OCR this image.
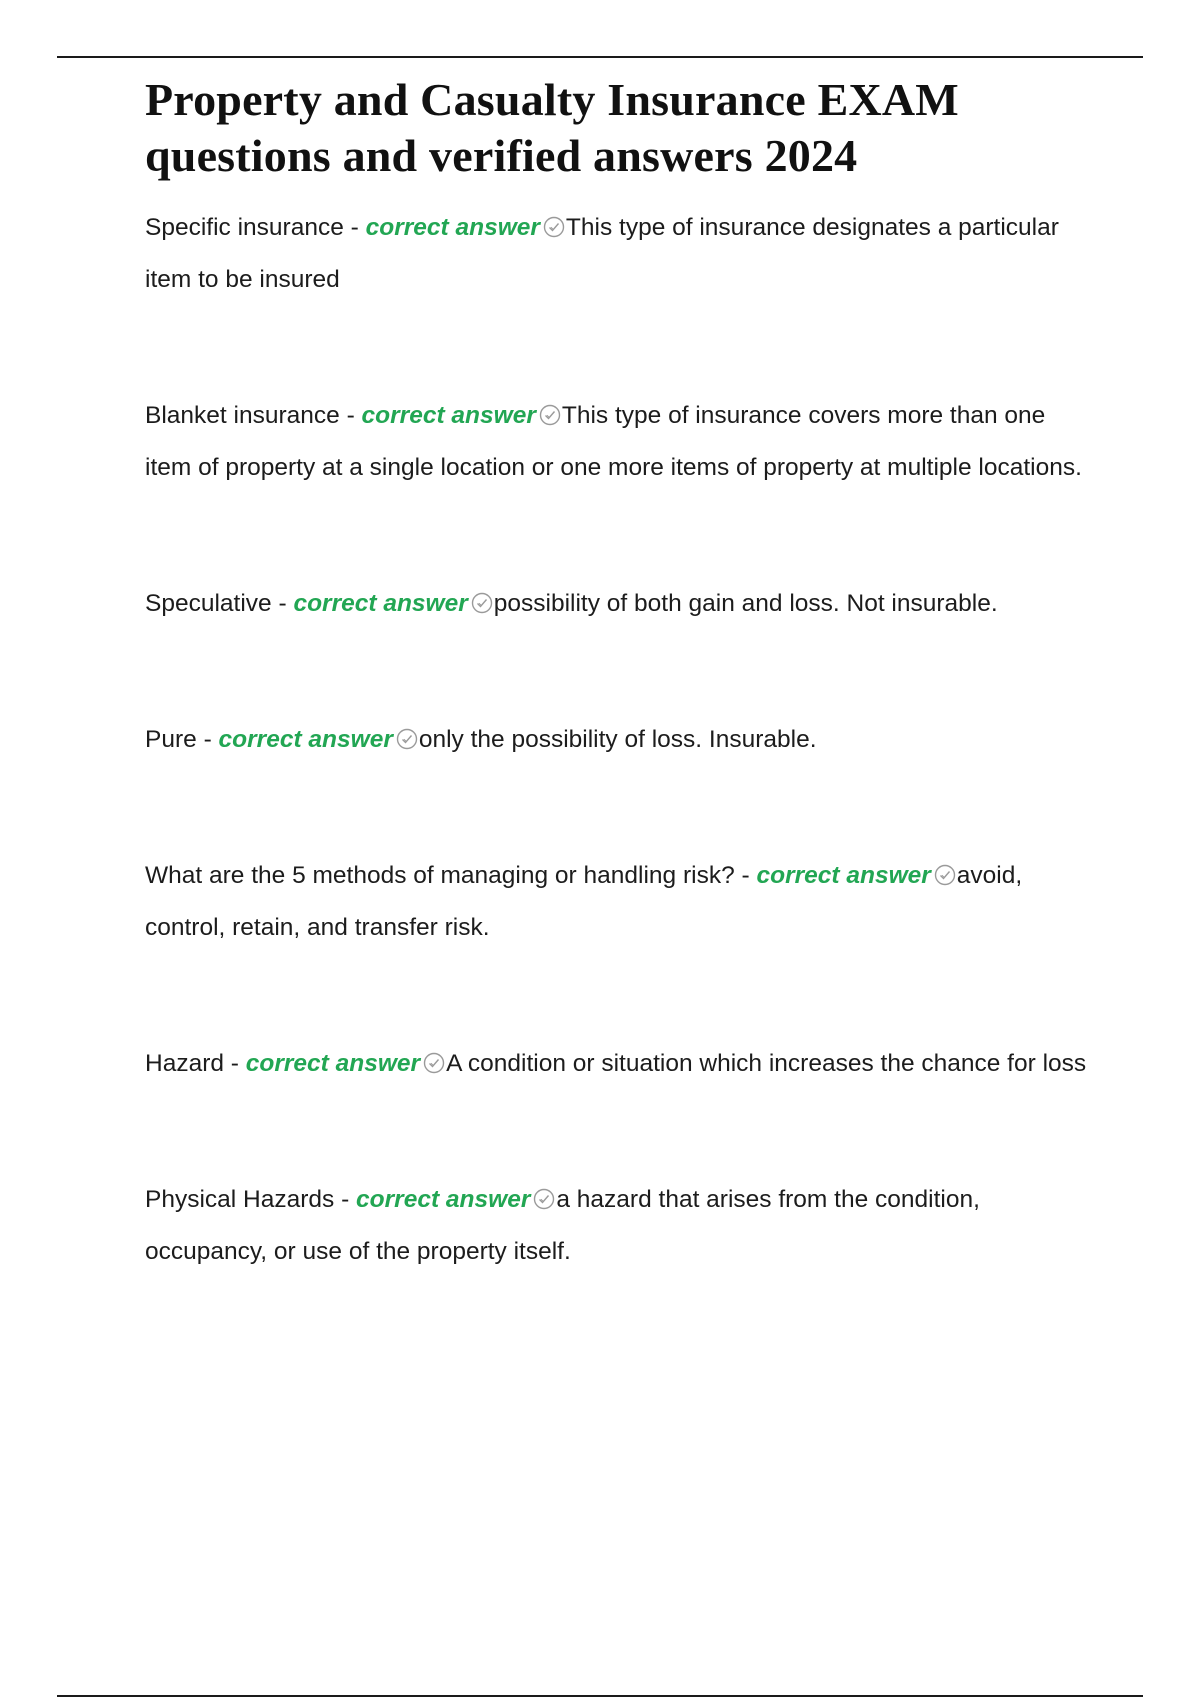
Property and Casualty Insurance EXAM questions and verified answers 2024

Specific insurance - correct answer This type of insurance designates a particular item to be insured

Blanket insurance - correct answer This type of insurance covers more than one item of property at a single location or one more items of property at multiple locations.

Speculative - correct answer possibility of both gain and loss. Not insurable.

Pure - correct answer only the possibility of loss. Insurable.

What are the 5 methods of managing or handling risk? - correct answer avoid, control, retain, and transfer risk.

Hazard - correct answer A condition or situation which increases the chance for loss

Physical Hazards - correct answer a hazard that arises from the condition, occupancy, or use of the property itself.
